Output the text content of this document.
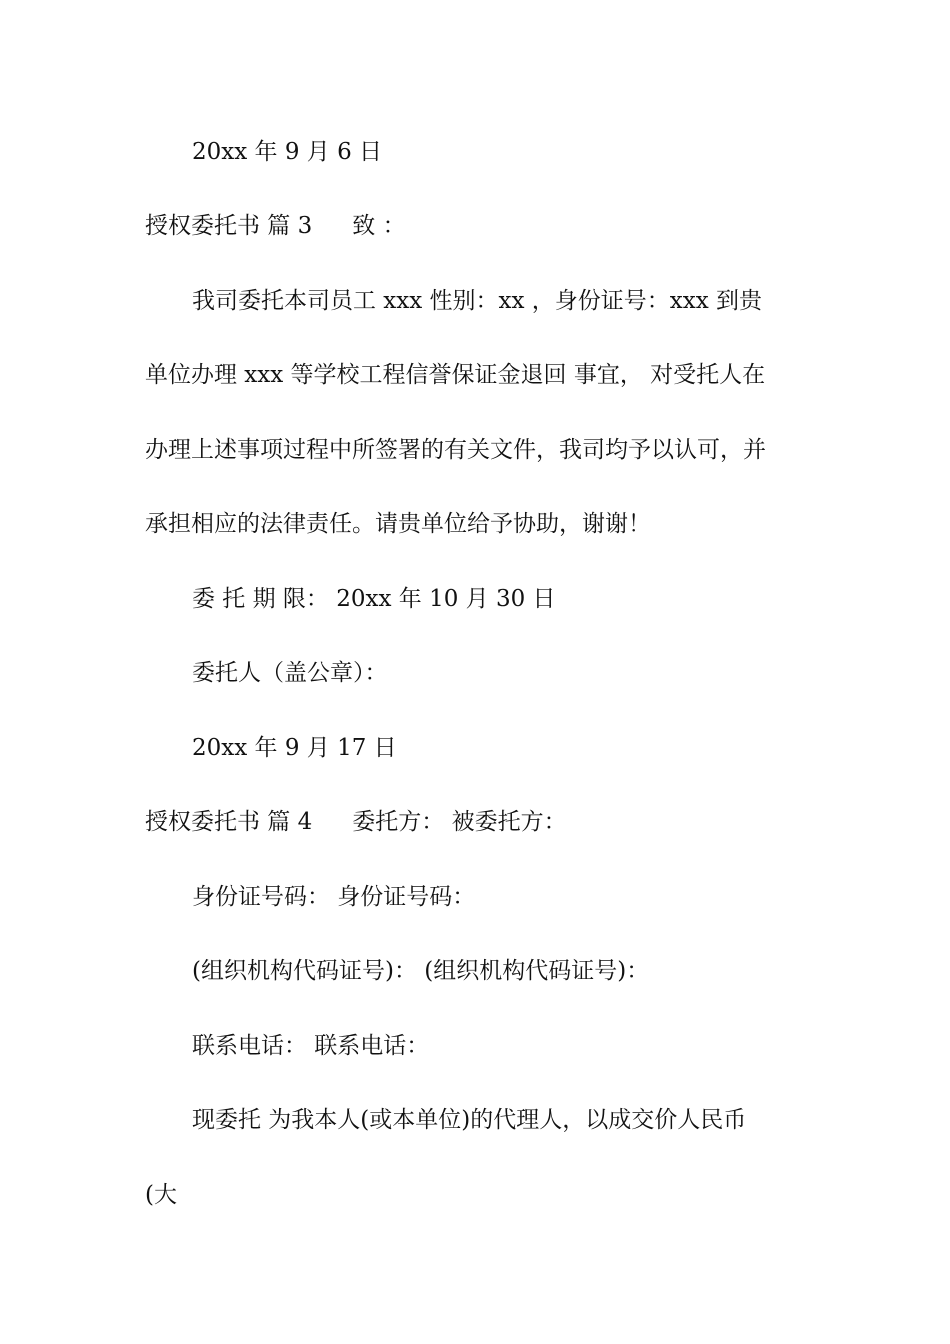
20xx 年 9 月 6 日
授权委托书 篇 3 致 ：
我司委托本司员工 xxx 性别：xx ，身份证号：xxx 到贵
单位办理 xxx 等学校工程信誉保证金退回 事宜， 对受托人在
办理上述事项过程中所签署的有关文件，我司均予以认可，并
承担相应的法律责任。请贵单位给予协助，谢谢！
委 托 期 限： 20xx 年 10 月 30 日
委托人（盖公章）：
20xx 年 9 月 17 日
授权委托书 篇 4 委托方： 被委托方：
身份证号码： 身份证号码：
(组织机构代码证号)： (组织机构代码证号)：
联系电话： 联系电话：
现委托 为我本人(或本单位)的代理人，以成交价人民币
(大
